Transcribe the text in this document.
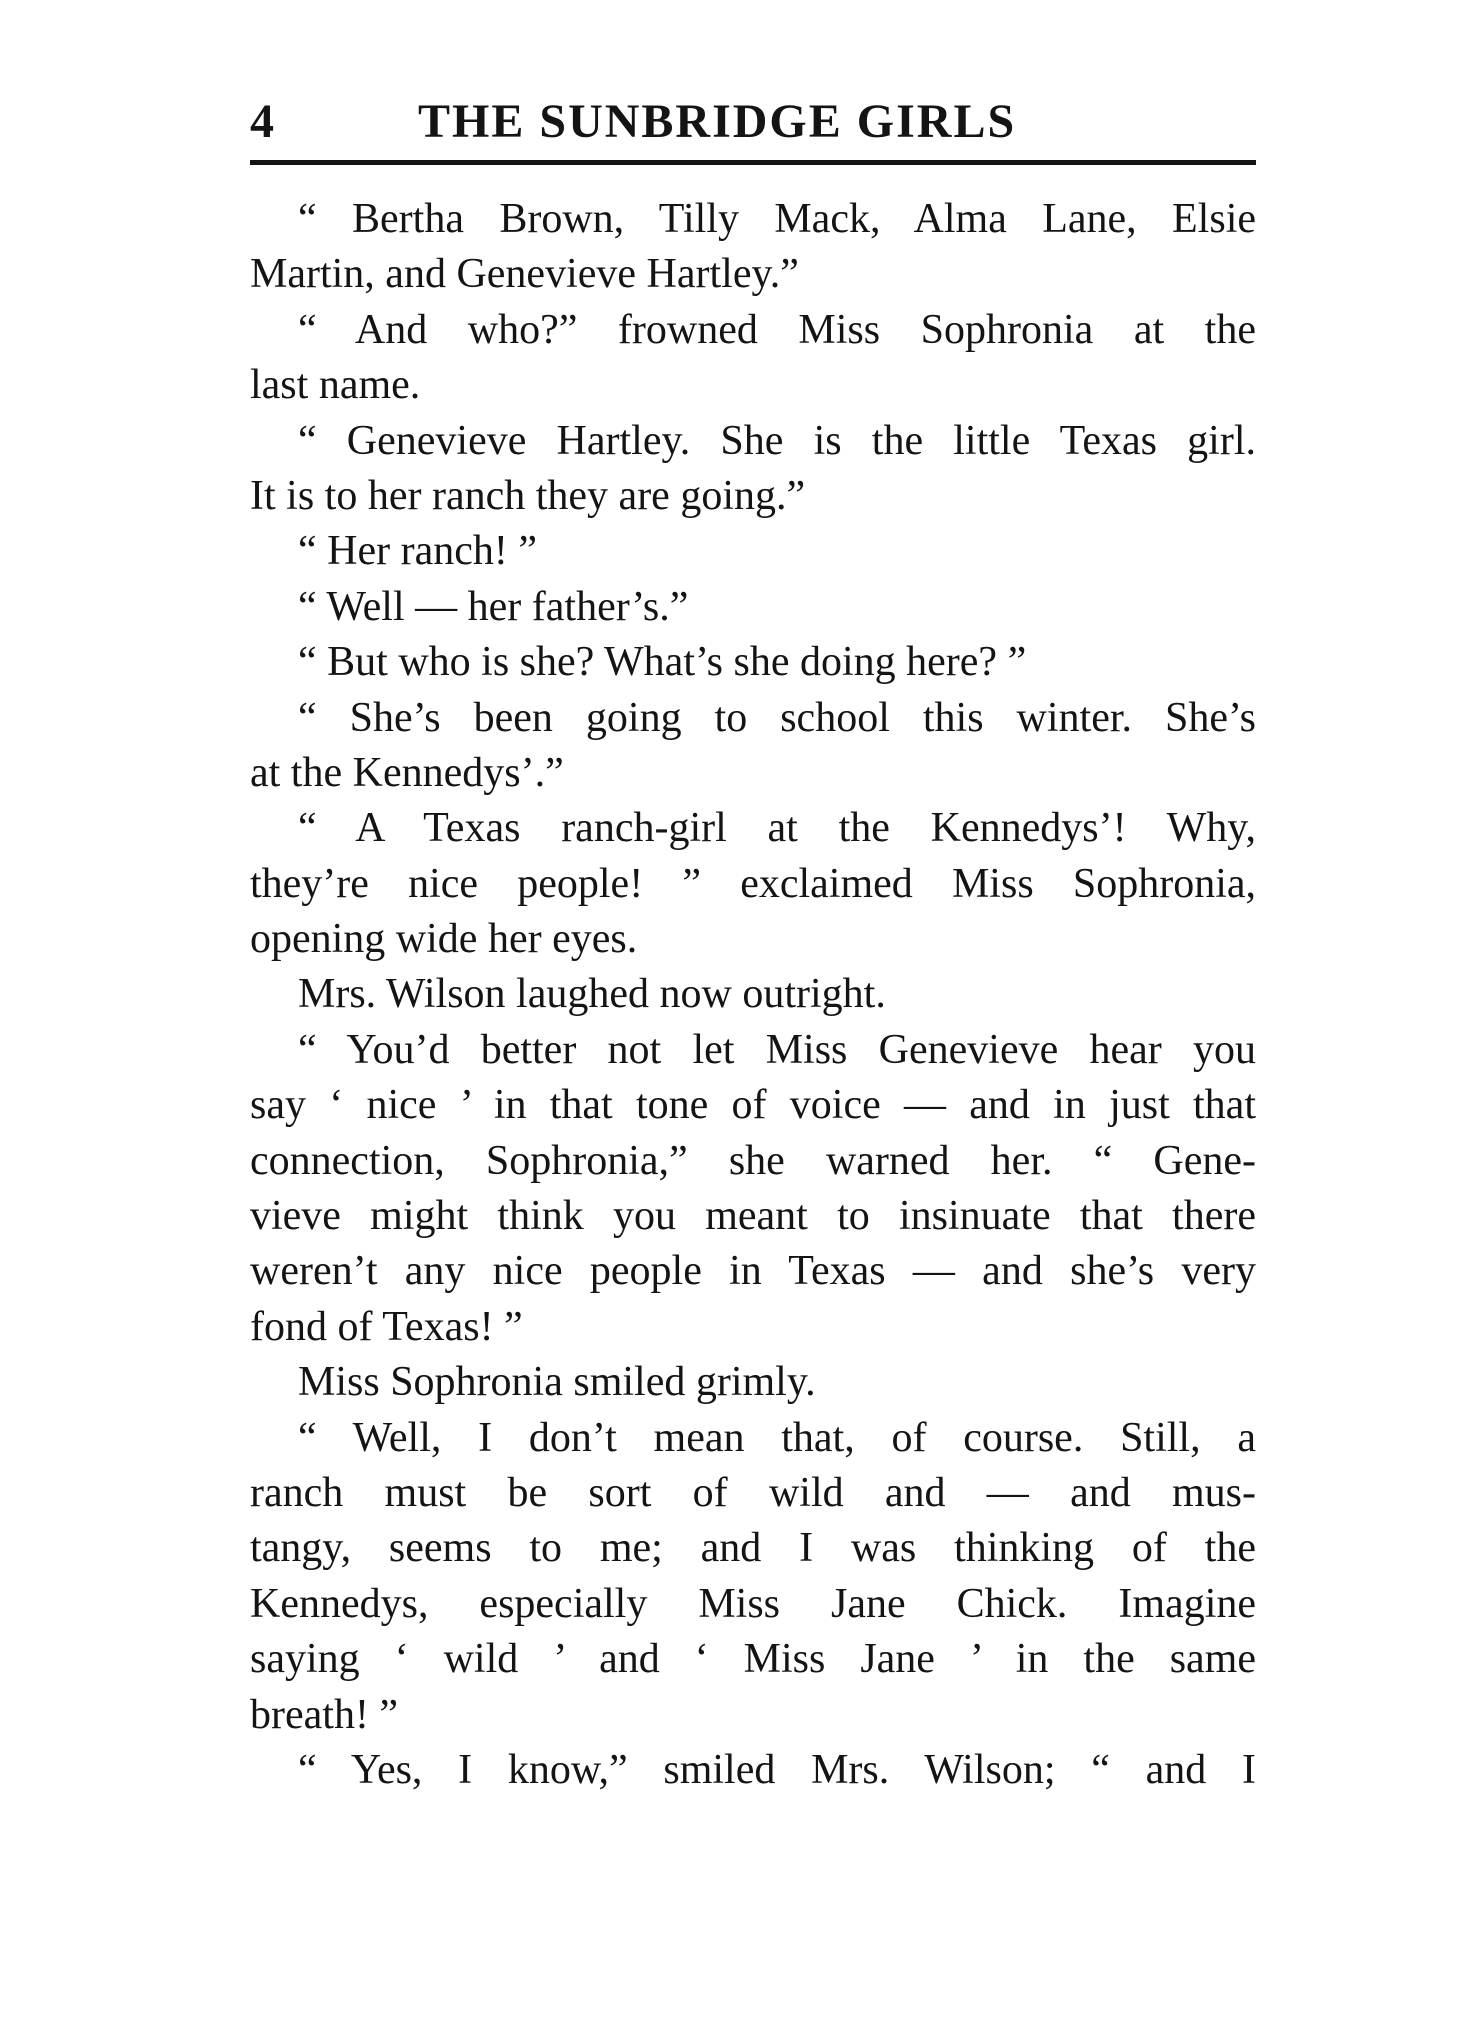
4	THE SUNBRIDGE GIRLS
“ Bertha Brown, Tilly Mack, Alma Lane, Elsie
Martin, and Genevieve Hartley.”
“ And who?” frowned Miss Sophronia at the
last name.
“ Genevieve Hartley. She is the little Texas girl.
It is to her ranch they are going.”
“ Her ranch! ”
“ Well — her father’s.”
“ But who is she? What’s she doing here? ”
“ She’s been going to school this winter. She’s
at the Kennedys’.”
“ A Texas ranch-girl at the Kennedys’! Why,
they’re nice people! ” exclaimed Miss Sophronia,
opening wide her eyes.
Mrs. Wilson laughed now outright.
“ You’d better not let Miss Genevieve hear you
say ‘ nice ’ in that tone of voice — and in just that
connection, Sophronia,” she warned her. “ Gene-
vieve might think you meant to insinuate that there
weren’t any nice people in Texas — and she’s very
fond of Texas! ”
Miss Sophronia smiled grimly.
“ Well, I don’t mean that, of course. Still, a
ranch must be sort of wild and — and mus-
tangy, seems to me; and I was thinking of the
Kennedys, especially Miss Jane Chick. Imagine
saying ‘ wild ’ and ‘ Miss Jane ’ in the same
breath! ”
“ Yes, I know,” smiled Mrs. Wilson; “ and I
